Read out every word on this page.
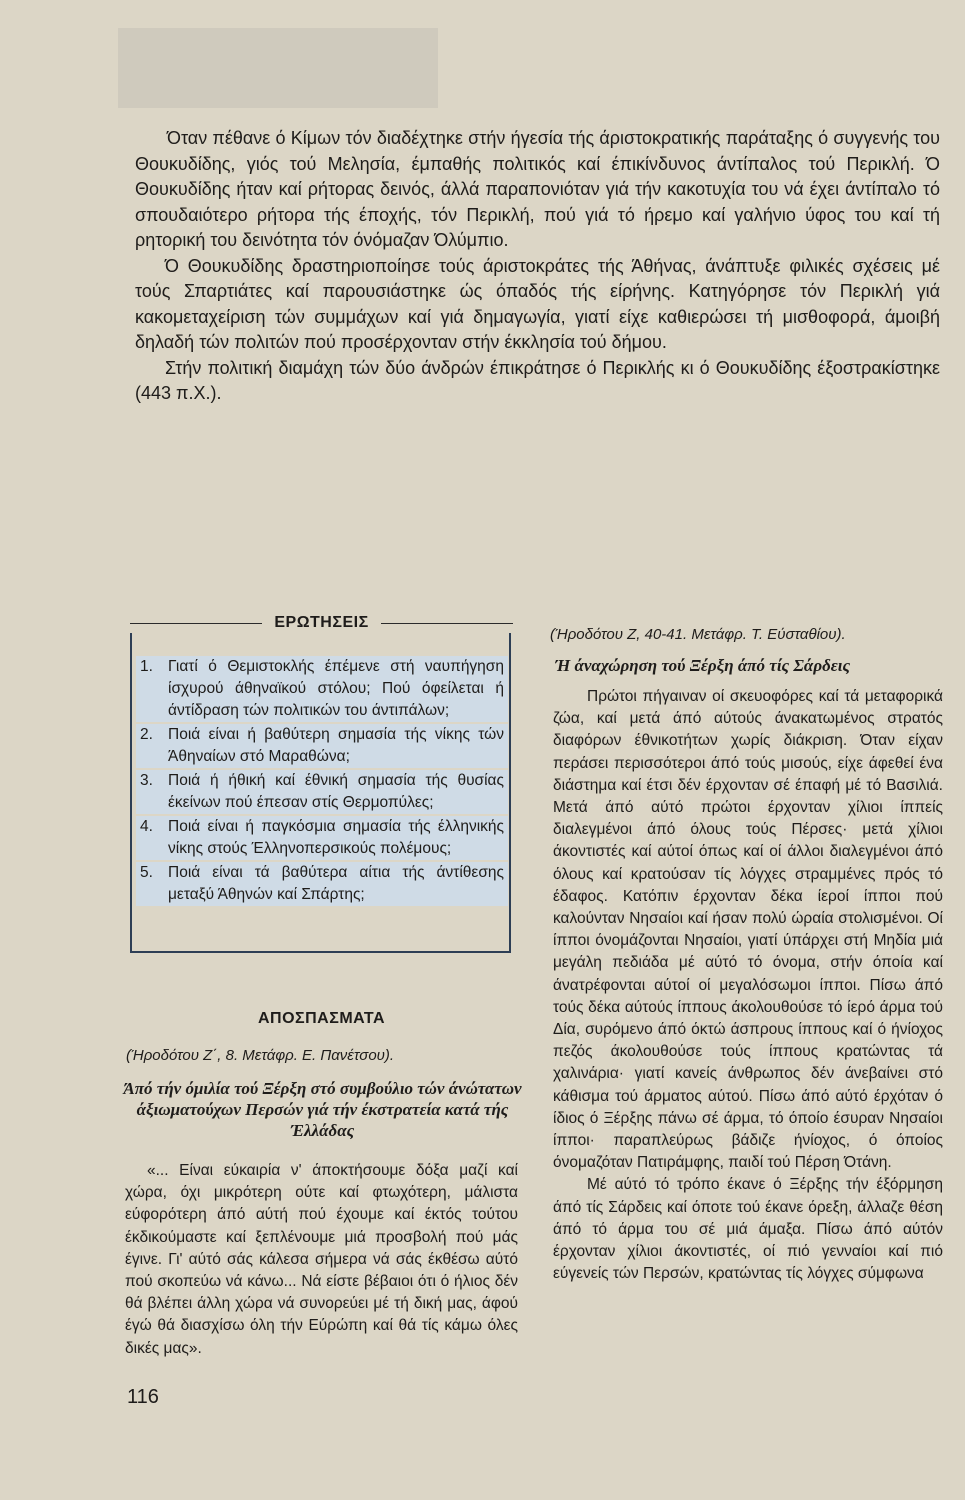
Όταν πέθανε ό Κίμων τόν διαδέχτηκε στήν ήγεσία τής άριστοκρατικής παράταξης ό συγγενής του Θουκυδίδης, γιός τού Μελησία, έμπαθής πολιτικός καί έπικίνδυνος άντίπαλος τού Περικλή. Ό Θουκυδίδης ήταν καί ρήτορας δεινός, άλλά παραπονιόταν γιά τήν κακοτυχία του νά έχει άντίπαλο τό σπουδαιότερο ρήτορα τής έποχής, τόν Περικλή, πού γιά τό ήρεμο καί γαλήνιο ύφος του καί τή ρητορική του δεινότητα τόν όνόμαζαν Όλύμπιο.

Ό Θουκυδίδης δραστηριοποίησε τούς άριστοκράτες τής Άθήνας, άνάπτυξε φιλικές σχέσεις μέ τούς Σπαρτιάτες καί παρουσιάστηκε ώς όπαδός τής είρήνης. Κατηγόρησε τόν Περικλή γιά κακομεταχείριση τών συμμάχων καί γιά δημαγωγία, γιατί είχε καθιερώσει τή μισθοφορά, άμοιβή δηλαδή τών πολιτών πού προσέρχονταν στήν έκκλησία τού δήμου.

Στήν πολιτική διαμάχη τών δύο άνδρών έπικράτησε ό Περικλής κι ό Θουκυδίδης έξοστρακίστηκε (443 π.Χ.).

ΕΡΩΤΗΣΕΙΣ
1. Γιατί ό Θεμιστοκλής έπέμενε στή ναυπήγηση ίσχυρού άθηναϊκού στόλου; Πού όφείλεται ή άντίδραση τών πολιτικών του άντιπάλων;
2. Ποιά είναι ή βαθύτερη σημασία τής νίκης τών Άθηναίων στό Μαραθώνα;
3. Ποιά ή ήθική καί έθνική σημασία τής θυσίας έκείνων πού έπεσαν στίς Θερμοπύλες;
4. Ποιά είναι ή παγκόσμια σημασία τής έλληνικής νίκης στούς Έλληνοπερσικούς πολέμους;
5. Ποιά είναι τά βαθύτερα αίτια τής άντίθεσης μεταξύ Άθηνών καί Σπάρτης;
ΑΠΟΣΠΑΣΜΑΤΑ
(Ήροδότου Ζ΄, 8. Μετάφρ. Ε. Πανέτσου).
Άπό τήν όμιλία τού Ξέρξη στό συμβούλιο τών άνώτατων άξιωματούχων Περσών γιά τήν έκστρατεία κατά τής Έλλάδας

«... Είναι εύκαιρία ν' άποκτήσουμε δόξα μαζί καί χώρα, όχι μικρότερη ούτε καί φτωχότερη, μάλιστα εύφορότερη άπό αύτή πού έχουμε καί έκτός τούτου έκδικούμαστε καί ξεπλένουμε μιά προσβολή πού μάς έγινε. Γι' αύτό σάς κάλεσα σήμερα νά σάς έκθέσω αύτό πού σκοπεύω νά κάνω... Νά είστε βέβαιοι ότι ό ήλιος δέν θά βλέπει άλλη χώρα νά συνορεύει μέ τή δική μας, άφού έγώ θά διασχίσω όλη τήν Εύρώπη καί θά τίς κάμω όλες δικές μας».

116
(Ήροδότου Ζ, 40-41. Μετάφρ. Τ. Εύσταθίου).
Ή άναχώρηση τού Ξέρξη άπό τίς Σάρδεις

Πρώτοι πήγαιναν οί σκευοφόρες καί τά μεταφορικά ζώα, καί μετά άπό αύτούς άνακατωμένος στρατός διαφόρων έθνικοτήτων χωρίς διάκριση. Όταν είχαν περάσει περισσότεροι άπό τούς μισούς, είχε άφεθεί ένα διάστημα καί έτσι δέν έρχονταν σέ έπαφή μέ τό Βασιλιά. Μετά άπό αύτό πρώτοι έρχονταν χίλιοι ίππείς διαλεγμένοι άπό όλους τούς Πέρσες· μετά χίλιοι άκοντιστές καί αύτοί όπως καί οί άλλοι διαλεγμένοι άπό όλους καί κρατούσαν τίς λόγχες στραμμένες πρός τό έδαφος. Κατόπιν έρχονταν δέκα ίεροί ίπποι πού καλούνταν Νησαίοι καί ήσαν πολύ ώραία στολισμένοι. Οί ίπποι όνομάζονται Νησαίοι, γιατί ύπάρχει στή Μηδία μιά μεγάλη πεδιάδα μέ αύτό τό όνομα, στήν όποία καί άνατρέφονται αύτοί οί μεγαλόσωμοι ίπποι. Πίσω άπό τούς δέκα αύτούς ίππους άκολουθούσε τό ίερό άρμα τού Δία, συρόμενο άπό όκτώ άσπρους ίππους καί ό ήνίοχος πεζός άκολουθούσε τούς ίππους κρατώντας τά χαλινάρια· γιατί κανείς άνθρωπος δέν άνεβαίνει στό κάθισμα τού άρματος αύτού. Πίσω άπό αύτό έρχόταν ό ίδιος ό Ξέρξης πάνω σέ άρμα, τό όποίο έσυραν Νησαίοι ίπποι· παραπλεύρως βάδιζε ήνίοχος, ό όποίος όνομαζόταν Πατιράμφης, παιδί τού Πέρση Ότάνη.

Μέ αύτό τό τρόπο έκανε ό Ξέρξης τήν έξόρμηση άπό τίς Σάρδεις καί όποτε τού έκανε όρεξη, άλλαζε θέση άπό τό άρμα του σέ μιά άμαξα. Πίσω άπό αύτόν έρχονταν χίλιοι άκοντιστές, οί πιό γενναίοι καί πιό εύγενείς τών Περσών, κρατώντας τίς λόγχες σύμφωνα
